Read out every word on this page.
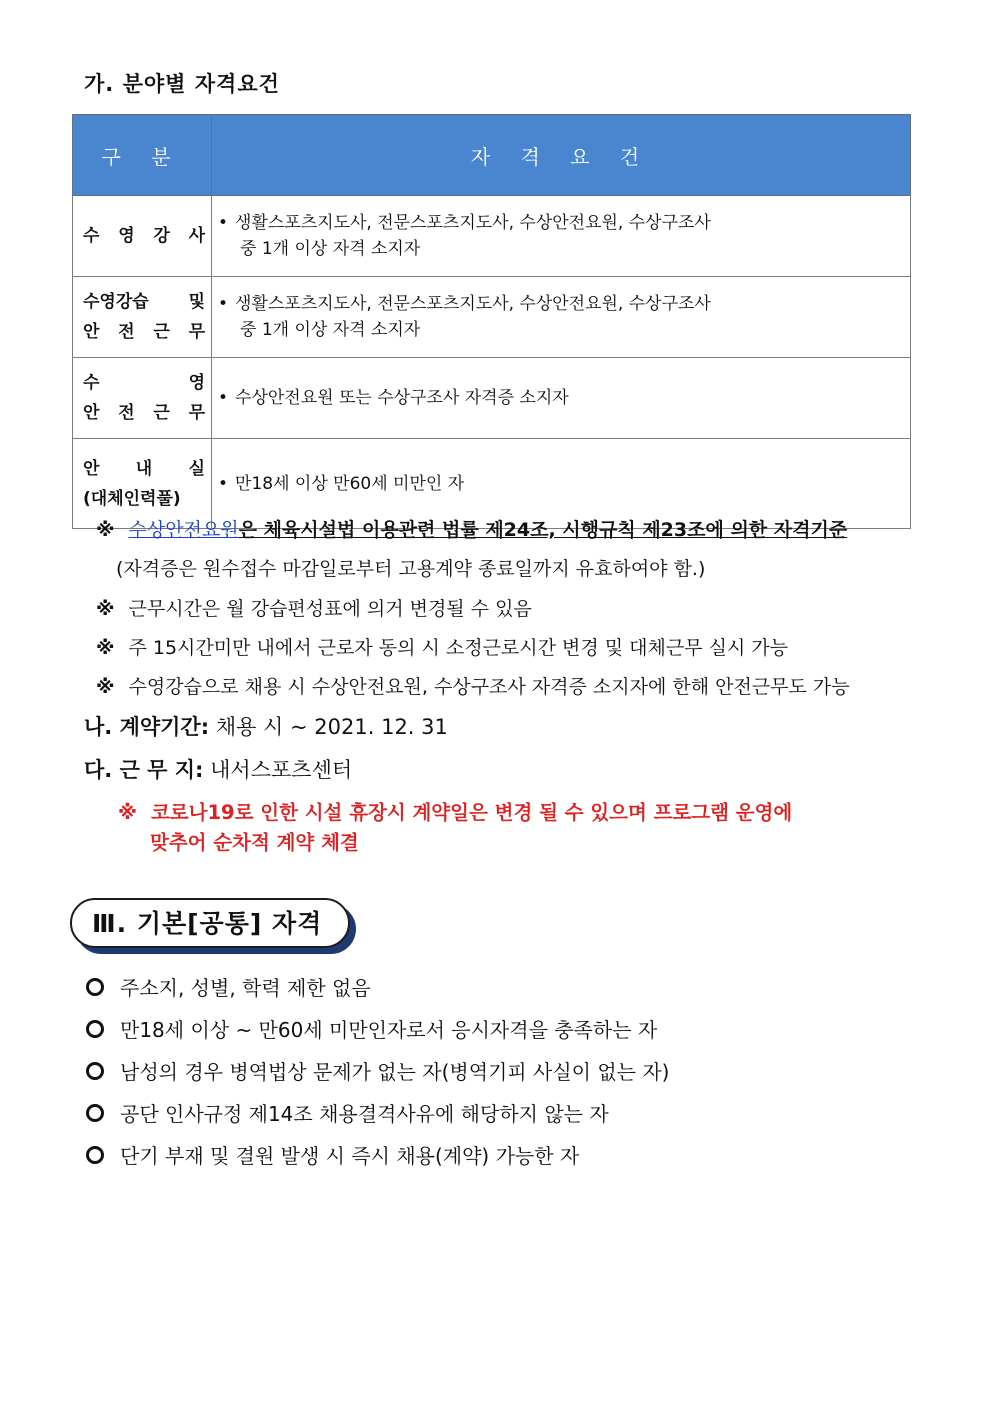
가. 분야별 자격요건
구 분	자 격 요 건

수 영 강 사	• 생활스포츠지도사, 전문스포츠지도사, 수상안전요원, 수상구조사
중 1개 이상 자격 소지자

수영강습 및
안 전 근 무	• 생활스포츠지도사, 전문스포츠지도사, 수상안전요원, 수상구조사
중 1개 이상 자격 소지자

수 영
안 전 근 무	• 수상안전요원 또는 수상구조사 자격증 소지자

안 내 실
(대체인력풀)	• 만18세 이상 만60세 미만인 자
※ 수상안전요원은 체육시설법 이용관련 법률 제24조, 시행규칙 제23조에 의한 자격기준
(자격증은 원수접수 마감일로부터 고용계약 종료일까지 유효하여야 함.)
※ 근무시간은 월 강습편성표에 의거 변경될 수 있음
※ 주 15시간미만 내에서 근로자 동의 시 소정근로시간 변경 및 대체근무 실시 가능
※ 수영강습으로 채용 시 수상안전요원, 수상구조사 자격증 소지자에 한해 안전근무도 가능
나. 계약기간: 채용 시 ~ 2021. 12. 31
다. 근 무 지: 내서스포츠센터
※ 코로나19로 인한 시설 휴장시 계약일은 변경 될 수 있으며 프로그램 운영에
맞추어 순차적 계약 체결
Ⅲ. 기본[공통] 자격
주소지, 성별, 학력 제한 없음
만18세 이상 ~ 만60세 미만인자로서 응시자격을 충족하는 자
남성의 경우 병역법상 문제가 없는 자(병역기피 사실이 없는 자)
공단 인사규정 제14조 채용결격사유에 해당하지 않는 자
단기 부재 및 결원 발생 시 즉시 채용(계약) 가능한 자
